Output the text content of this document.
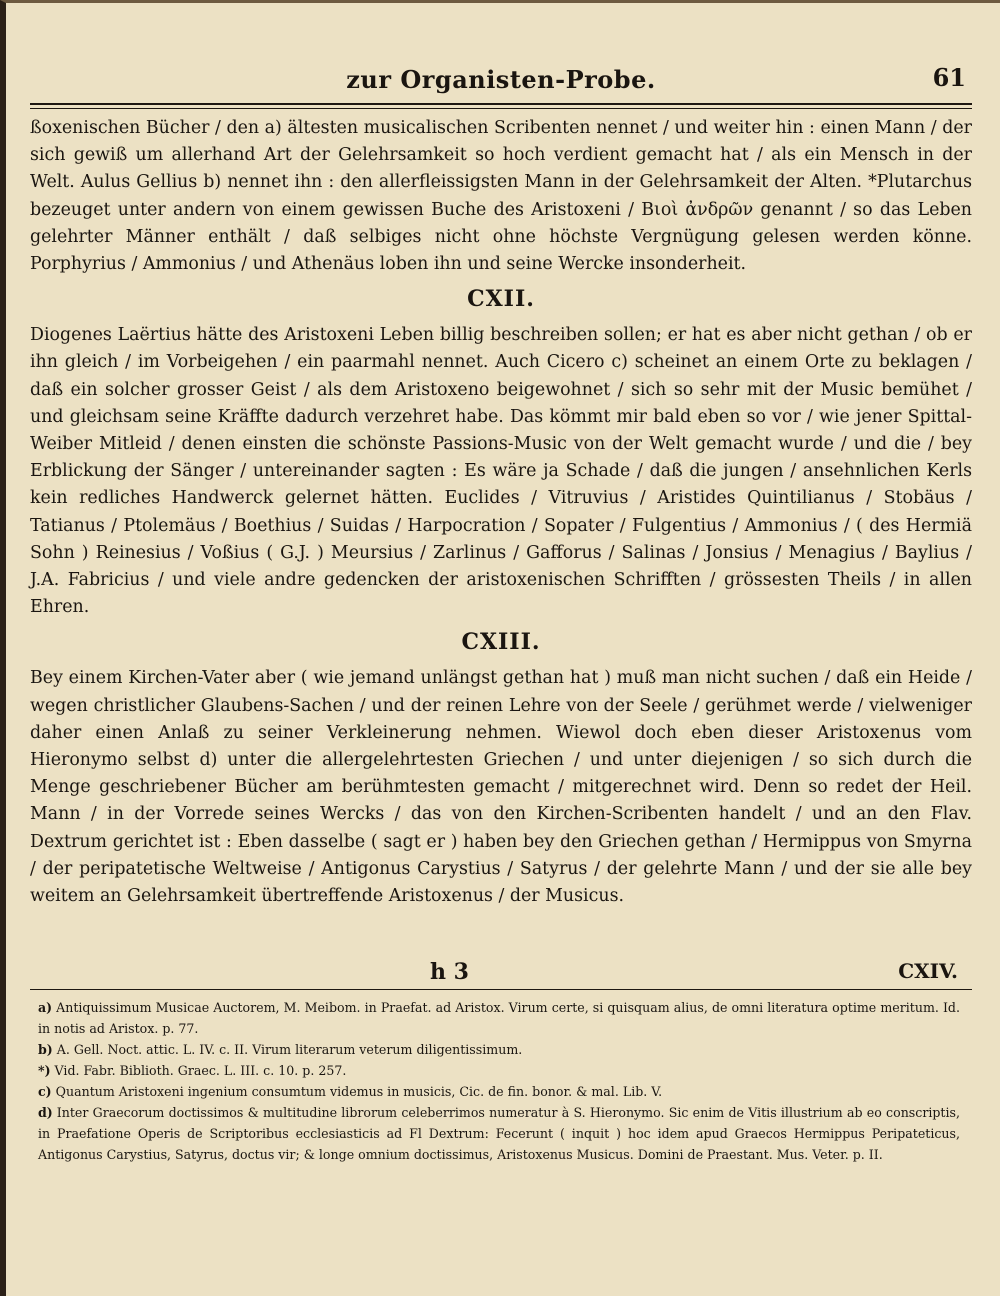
zur Organisten-Probe.	61

ßoxenischen Bücher / den a) ältesten musicalischen Scribenten nennet / und weiter hin : einen Mann / der sich gewiß um allerhand Art der Gelehrsamkeit so hoch verdient gemacht hat / als ein Mensch in der Welt. Aulus Gellius b) nennet ihn : den allerfleissigsten Mann in der Gelehrsamkeit der Alten. *Plutarchus bezeuget unter andern von einem gewissen Buche des Aristoxeni / Βιοὶ ἀνδρῶν genannt / so das Leben gelehrter Männer enthält / daß selbiges nicht ohne höchste Vergnügung gelesen werden könne. Porphyrius / Ammonius / und Athenäus loben ihn und seine Wercke insonderheit.

CXII.

Diogenes Laërtius hätte des Aristoxeni Leben billig beschreiben sollen; er hat es aber nicht gethan / ob er ihn gleich / im Vorbeigehen / ein paarmahl nennet. Auch Cicero c) scheinet an einem Orte zu beklagen / daß ein solcher grosser Geist / als dem Aristoxeno beigewohnet / sich so sehr mit der Music bemühet / und gleichsam seine Kräffte dadurch verzehret habe. Das kömmt mir bald eben so vor / wie jener Spittal-Weiber Mitleid / denen einsten die schönste Passions-Music von der Welt gemacht wurde / und die / bey Erblickung der Sänger / untereinander sagten : Es wäre ja Schade / daß die jungen / ansehnlichen Kerls kein redliches Handwerck gelernet hätten. Euclides / Vitruvius / Aristides Quintilianus / Stobäus / Tatianus / Ptolemäus / Boethius / Suidas / Harpocration / Sopater / Fulgentius / Ammonius / ( des Hermiä Sohn ) Reinesius / Voßius ( G.J. ) Meursius / Zarlinus / Gafforus / Salinas / Jonsius / Menagius / Baylius / J.A. Fabricius / und viele andre gedencken der aristoxenischen Schrifften / grössesten Theils / in allen Ehren.

CXIII.

Bey einem Kirchen-Vater aber ( wie jemand unlängst gethan hat ) muß man nicht suchen / daß ein Heide / wegen christlicher Glaubens-Sachen / und der reinen Lehre von der Seele / gerühmet werde / vielweniger daher einen Anlaß zu seiner Verkleinerung nehmen. Wiewol doch eben dieser Aristoxenus vom Hieronymo selbst d) unter die allergelehrtesten Griechen / und unter diejenigen / so sich durch die Menge geschriebener Bücher am berühmtesten gemacht / mitgerechnet wird. Denn so redet der Heil. Mann / in der Vorrede seines Wercks / das von den Kirchen-Scribenten handelt / und an den Flav. Dextrum gerichtet ist : Eben dasselbe ( sagt er ) haben bey den Griechen gethan / Hermippus von Smyrna / der peripatetische Weltweise / Antigonus Carystius / Satyrus / der gelehrte Mann / und der sie alle bey weitem an Gelehrsamkeit übertreffende Aristoxenus / der Musicus.

h 3	CXIV.

a) Antiquissimum Musicae Auctorem, M. Meibom. in Praefat. ad Aristox. Virum certe, si quisquam alius, de omni literatura optime meritum. Id. in notis ad Aristox. p. 77.

b) A. Gell. Noct. attic. L. IV. c. II. Virum literarum veterum diligentissimum.

*) Vid. Fabr. Biblioth. Graec. L. III. c. 10. p. 257.

c) Quantum Aristoxeni ingenium consumtum videmus in musicis, Cic. de fin. bonor. & mal. Lib. V.

d) Inter Graecorum doctissimos & multitudine librorum celeberrimos numeratur à S. Hieronymo. Sic enim de Vitis illustrium ab eo conscriptis, in Praefatione Operis de Scriptoribus ecclesiasticis ad Fl Dextrum: Fecerunt ( inquit ) hoc idem apud Graecos Hermippus Peripateticus, Antigonus Carystius, Satyrus, doctus vir; & longe omnium doctissimus, Aristoxenus Musicus. Domini de Praestant. Mus. Veter. p. II.
